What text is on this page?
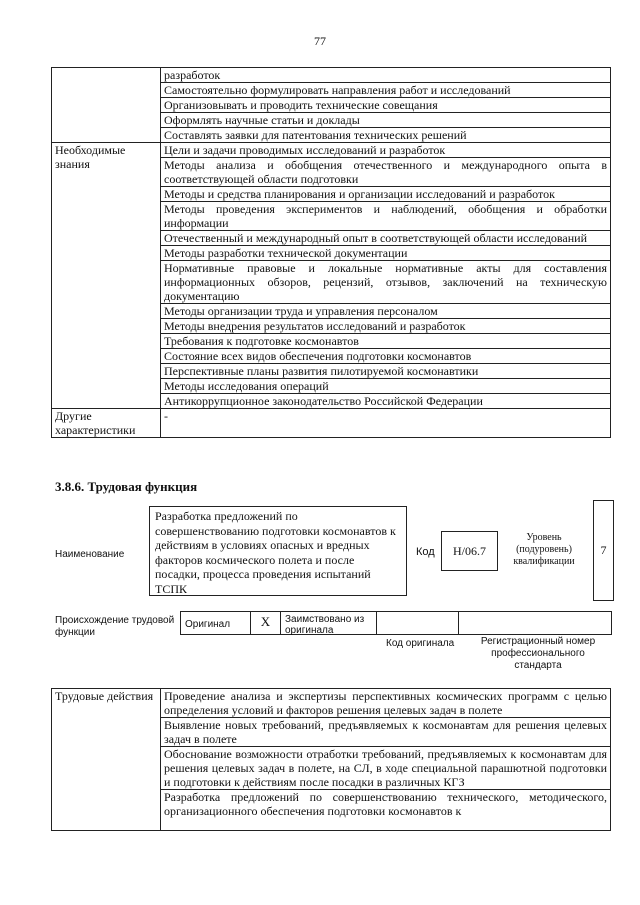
77
	разработок
	Самостоятельно формулировать направления работ и исследований
	Организовывать и проводить технические совещания
	Оформлять научные статьи и доклады
	Составлять заявки для патентования технических решений
Необходимые знания	Цели и задачи проводимых исследований и разработок
	Методы анализа и обобщения отечественного и международного опыта в соответствующей области подготовки
	Методы и средства планирования и организации исследований и разработок
	Методы проведения экспериментов и наблюдений, обобщения и обработки информации
	Отечественный и международный опыт в соответствующей области исследований
	Методы разработки технической документации
	Нормативные правовые и локальные нормативные акты для составления информационных обзоров, рецензий, отзывов, заключений на техническую документацию
	Методы организации труда и управления персоналом
	Методы внедрения результатов исследований и разработок
	Требования к подготовке космонавтов
	Состояние всех видов обеспечения подготовки космонавтов
	Перспективные планы развития пилотируемой космонавтики
	Методы исследования операций
	Антикоррупционное законодательство Российской Федерации
Другие характеристики	-
3.8.6. Трудовая функция
Наименование
Разработка предложений по совершенствованию подготовки космонавтов к действиям в условиях опасных и вредных факторов космического полета и после посадки, процесса проведения испытаний ТСПК
Код	Н/06.7
Уровень (подуровень) квалификации
7
Происхождение трудовой функции
Оригинал	X	Заимствовано из оригинала
Код оригинала	Регистрационный номер профессионального стандарта
Трудовые действия	Проведение анализа и экспертизы перспективных космических программ с целью определения условий и факторов решения целевых задач в полете
Выявление новых требований, предъявляемых к космонавтам для решения целевых задач в полете
Обоснование возможности отработки требований, предъявляемых к космонавтам для решения целевых задач в полете, на СЛ, в ходе специальной парашютной подготовки и подготовки к действиям после посадки в различных КГЗ
Разработка предложений по совершенствованию технического, методического, организационного обеспечения подготовки космонавтов к
